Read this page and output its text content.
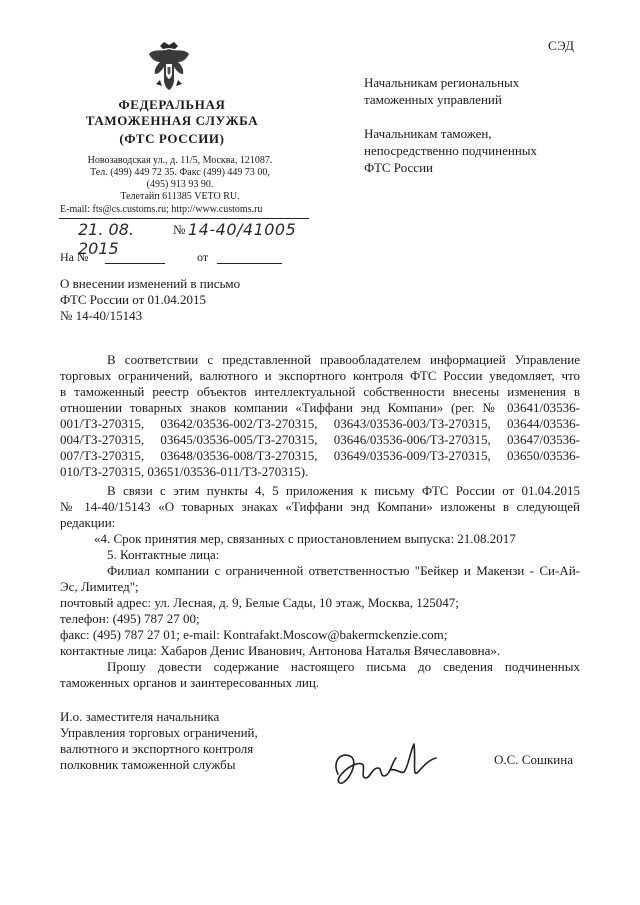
СЭД
ФЕДЕРАЛЬНАЯ
ТАМОЖЕННАЯ СЛУЖБА
(ФТС РОССИИ)
Новозаводская ул., д. 11/5, Москва, 121087.
Тел. (499) 449 72 35. Факс (499) 449 73 00,
(495) 913 93 90.
Телетайп 611385 VETO RU.
E-mail: fts@cs.customs.ru; http://www.customs.ru
21. 08. 2015
№ 14-40/41005
На №	от
Начальникам региональных
таможенных управлений
Начальникам таможен,
непосредственно подчиненных
ФТС России
О внесении изменений в письмо
ФТС России от 01.04.2015
№ 14-40/15143
В соответствии с представленной правообладателем информацией Управление
торговых ограничений, валютного и экспортного контроля ФТС России уведомляет, что
в таможенный реестр объектов интеллектуальной собственности внесены изменения в
отношении товарных знаков компании «Тиффани энд Компани» (рег. № 03641/03536-
001/ТЗ-270315, 03642/03536-002/ТЗ-270315, 03643/03536-003/ТЗ-270315, 03644/03536-
004/ТЗ-270315, 03645/03536-005/ТЗ-270315, 03646/03536-006/ТЗ-270315, 03647/03536-
007/ТЗ-270315, 03648/03536-008/ТЗ-270315, 03649/03536-009/ТЗ-270315, 03650/03536-
010/ТЗ-270315, 03651/03536-011/ТЗ-270315).
В связи с этим пункты 4, 5 приложения к письму ФТС России от 01.04.2015
№ 14-40/15143 «О товарных знаках «Тиффани энд Компани» изложены в следующей
редакции:
«4. Срок принятия мер, связанных с приостановлением выпуска: 21.08.2017
5. Контактные лица:
Филиал компании с ограниченной ответственностью "Бейкер и Макензи - Си-Ай-
Эс, Лимитед";
почтовый адрес: ул. Лесная, д. 9, Белые Сады, 10 этаж, Москва, 125047;
телефон: (495) 787 27 00;
факс: (495) 787 27 01; e-mail: Kontrafakt.Moscow@bakermckenzie.com;
контактные лица: Хабаров Денис Иванович, Антонова Наталья Вячеславовна».
Прошу довести содержание настоящего письма до сведения подчиненных
таможенных органов и заинтересованных лиц.
И.о. заместителя начальника
Управления торговых ограничений,
валютного и экспортного контроля
полковник таможенной службы	О.С. Сошкина
